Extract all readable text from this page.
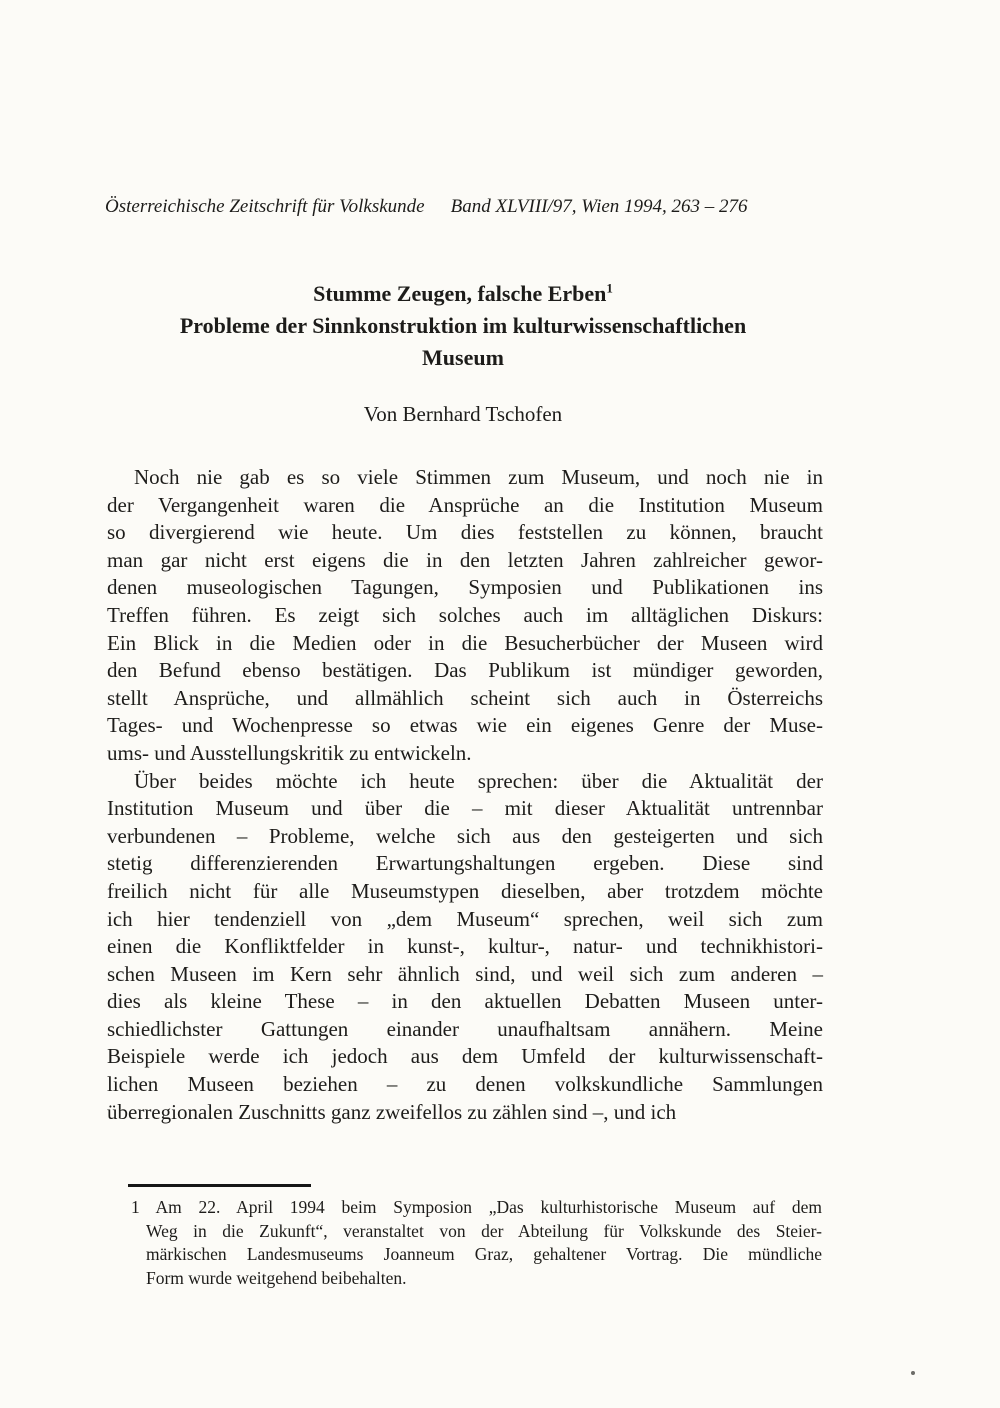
Österreichische Zeitschrift für Volkskunde Band XLVIII/97, Wien 1994, 263 – 276
Stumme Zeugen, falsche Erben$^1$
Probleme der Sinnkonstruktion im kulturwissenschaftlichen
Museum
Von Bernhard Tschofen
Noch nie gab es so viele Stimmen zum Museum, und noch nie in
der Vergangenheit waren die Ansprüche an die Institution Museum
so divergierend wie heute. Um dies feststellen zu können, braucht
man gar nicht erst eigens die in den letzten Jahren zahlreicher gewor-
denen museologischen Tagungen, Symposien und Publikationen ins
Treffen führen. Es zeigt sich solches auch im alltäglichen Diskurs:
Ein Blick in die Medien oder in die Besucherbücher der Museen wird
den Befund ebenso bestätigen. Das Publikum ist mündiger geworden,
stellt Ansprüche, und allmählich scheint sich auch in Österreichs
Tages- und Wochenpresse so etwas wie ein eigenes Genre der Muse-
ums- und Ausstellungskritik zu entwickeln.
Über beides möchte ich heute sprechen: über die Aktualität der
Institution Museum und über die – mit dieser Aktualität untrennbar
verbundenen – Probleme, welche sich aus den gesteigerten und sich
stetig differenzierenden Erwartungshaltungen ergeben. Diese sind
freilich nicht für alle Museumstypen dieselben, aber trotzdem möchte
ich hier tendenziell von „dem Museum“ sprechen, weil sich zum
einen die Konfliktfelder in kunst-, kultur-, natur- und technikhistori-
schen Museen im Kern sehr ähnlich sind, und weil sich zum anderen –
dies als kleine These – in den aktuellen Debatten Museen unter-
schiedlichster Gattungen einander unaufhaltsam annähern. Meine
Beispiele werde ich jedoch aus dem Umfeld der kulturwissenschaft-
lichen Museen beziehen – zu denen volkskundliche Sammlungen
überregionalen Zuschnitts ganz zweifellos zu zählen sind –, und ich
1 Am 22. April 1994 beim Symposion „Das kulturhistorische Museum auf dem
Weg in die Zukunft“, veranstaltet von der Abteilung für Volkskunde des Steier-
märkischen Landesmuseums Joanneum Graz, gehaltener Vortrag. Die mündliche
Form wurde weitgehend beibehalten.
